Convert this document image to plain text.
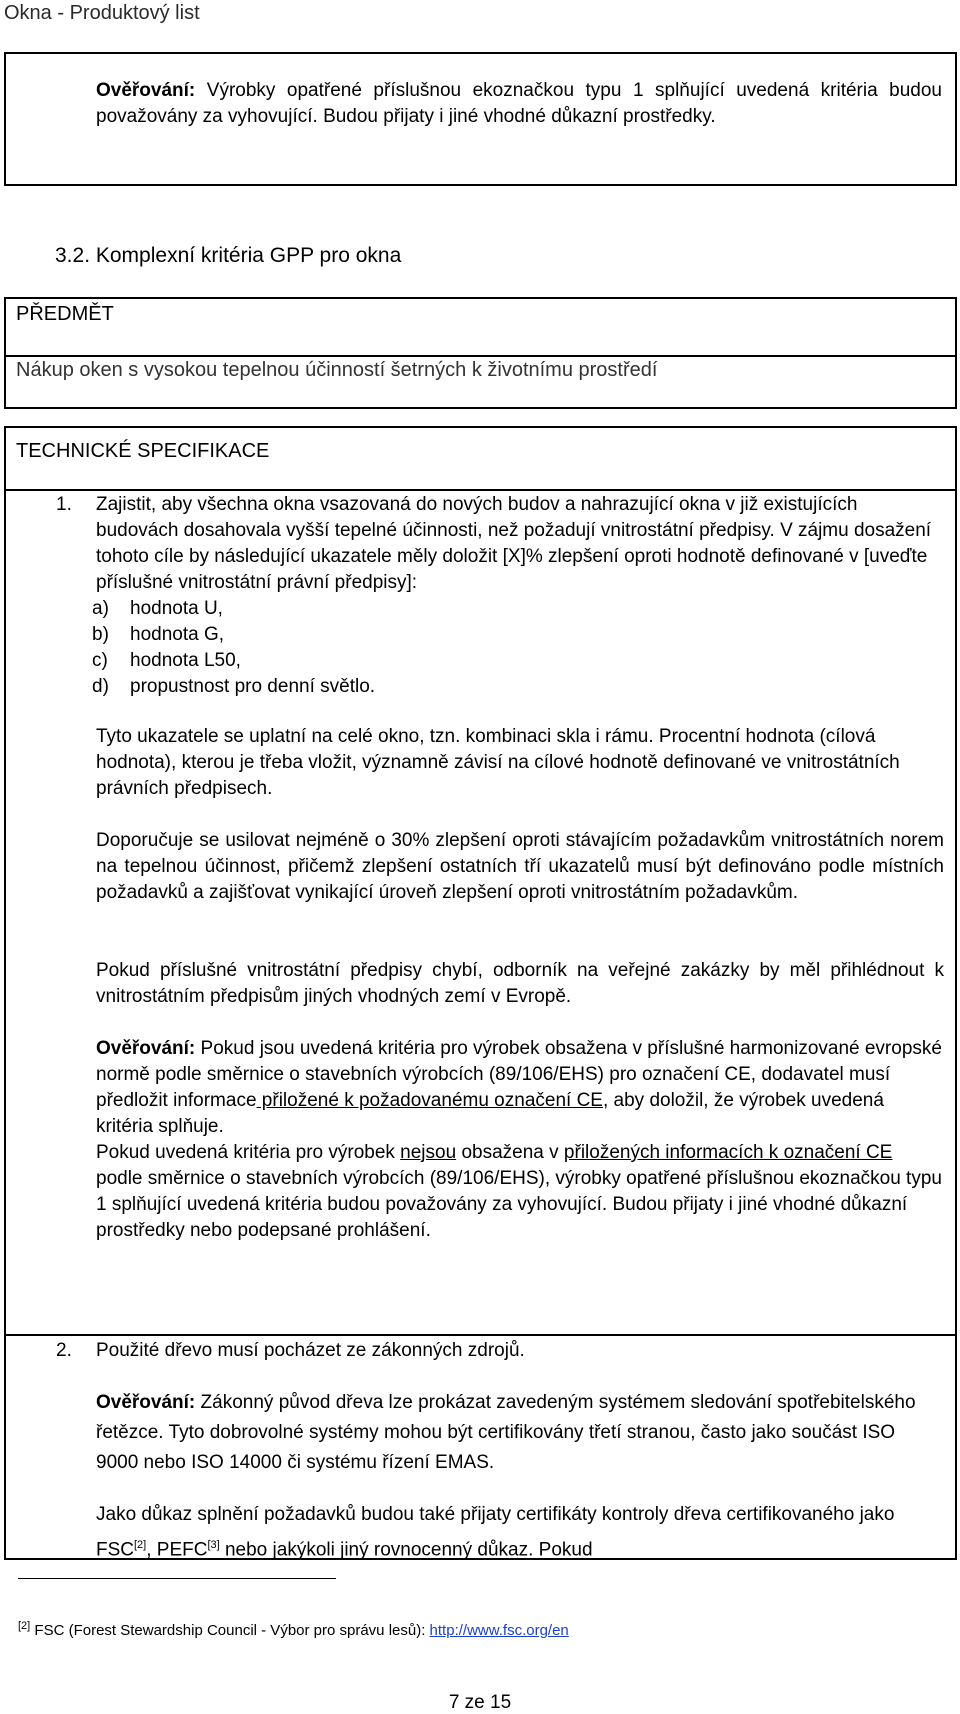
Okna - Produktový list

Ověřování: Výrobky opatřené příslušnou ekoznačkou typu 1 splňující uvedená kritéria budou považovány za vyhovující. Budou přijaty i jiné vhodné důkazní prostředky.

3.2. Komplexní kritéria GPP pro okna
PŘEDMĚT
Nákup oken s vysokou tepelnou účinností šetrných k životnímu prostředí
TECHNICKÉ SPECIFIKACE
1. Zajistit, aby všechna okna vsazovaná do nových budov a nahrazující okna v již existujících budovách dosahovala vyšší tepelné účinnosti, než požadují vnitrostátní předpisy. V zájmu dosažení tohoto cíle by následující ukazatele měly doložit [X]% zlepšení oproti hodnotě definované v [uveďte příslušné vnitrostátní právní předpisy]:

a) hodnota U,
b) hodnota G,
c) hodnota L50,
d) propustnost pro denní světlo.

Tyto ukazatele se uplatní na celé okno, tzn. kombinaci skla i rámu. Procentní hodnota (cílová hodnota), kterou je třeba vložit, významně závisí na cílové hodnotě definované ve vnitrostátních právních předpisech.

Doporučuje se usilovat nejméně o 30% zlepšení oproti stávajícím požadavkům vnitrostátních norem na tepelnou účinnost, přičemž zlepšení ostatních tří ukazatelů musí být definováno podle místních požadavků a zajišťovat vynikající úroveň zlepšení oproti vnitrostátním požadavkům.

Pokud příslušné vnitrostátní předpisy chybí, odborník na veřejné zakázky by měl přihlédnout k vnitrostátním předpisům jiných vhodných zemí v Evropě.

Ověřování: Pokud jsou uvedená kritéria pro výrobek obsažena v příslušné harmonizované evropské normě podle směrnice o stavebních výrobcích (89/106/EHS) pro označení CE, dodavatel musí předložit informace přiložené k požadovanému označení CE, aby doložil, že výrobek uvedená kritéria splňuje.

Pokud uvedená kritéria pro výrobek nejsou obsažena v přiložených informacích k označení CE podle směrnice o stavebních výrobcích (89/106/EHS), výrobky opatřené příslušnou ekoznačkou typu 1 splňující uvedená kritéria budou považovány za vyhovující. Budou přijaty i jiné vhodné důkazní prostředky nebo podepsané prohlášení.

2. Použité dřevo musí pocházet ze zákonných zdrojů.

Ověřování: Zákonný původ dřeva lze prokázat zavedeným systémem sledování spotřebitelského řetězce. Tyto dobrovolné systémy mohou být certifikovány třetí stranou, často jako součást ISO 9000 nebo ISO 14000 či systému řízení EMAS.

Jako důkaz splnění požadavků budou také přijaty certifikáty kontroly dřeva certifikovaného jako FSC[2], PEFC[3] nebo jakýkoli jiný rovnocenný důkaz. Pokud

[2] FSC (Forest Stewardship Council - Výbor pro správu lesů): http://www.fsc.org/en
7 ze 15
